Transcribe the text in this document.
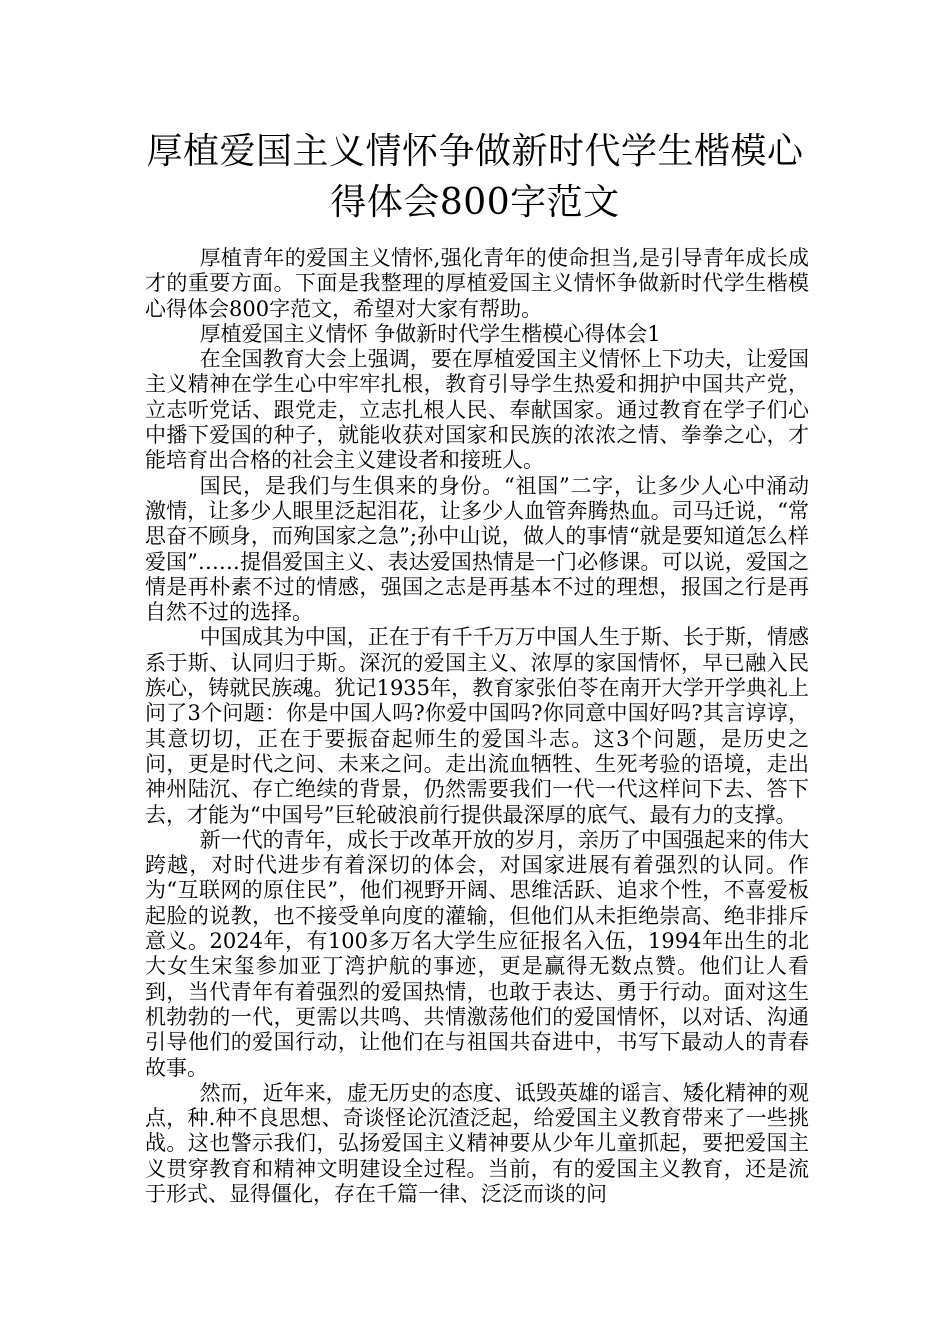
厚植爱国主义情怀争做新时代学生楷模心
得体会800字范文

厚植青年的爱国主义情怀,强化青年的使命担当,是引导青年成长成才的重要方面。下面是我整理的厚植爱国主义情怀争做新时代学生楷模心得体会800字范文，希望对大家有帮助。

厚植爱国主义情怀 争做新时代学生楷模心得体会1

在全国教育大会上强调，要在厚植爱国主义情怀上下功夫，让爱国主义精神在学生心中牢牢扎根，教育引导学生热爱和拥护中国共产党，立志听党话、跟党走，立志扎根人民、奉献国家。通过教育在学子们心中播下爱国的种子，就能收获对国家和民族的浓浓之情、拳拳之心，才能培育出合格的社会主义建设者和接班人。

国民，是我们与生俱来的身份。“祖国”二字，让多少人心中涌动激情，让多少人眼里泛起泪花，让多少人血管奔腾热血。司马迁说，“常思奋不顾身，而殉国家之急”;孙中山说，做人的事情“就是要知道怎么样爱国”……提倡爱国主义、表达爱国热情是一门必修课。可以说，爱国之情是再朴素不过的情感，强国之志是再基本不过的理想，报国之行是再自然不过的选择。

中国成其为中国，正在于有千千万万中国人生于斯、长于斯，情感系于斯、认同归于斯。深沉的爱国主义、浓厚的家国情怀，早已融入民族心，铸就民族魂。犹记1935年，教育家张伯苓在南开大学开学典礼上问了3个问题：你是中国人吗?你爱中国吗?你同意中国好吗?其言谆谆，其意切切，正在于要振奋起师生的爱国斗志。这3个问题，是历史之问，更是时代之问、未来之问。走出流血牺牲、生死考验的语境，走出神州陆沉、存亡绝续的背景，仍然需要我们一代一代这样问下去、答下去，才能为“中国号”巨轮破浪前行提供最深厚的底气、最有力的支撑。

新一代的青年，成长于改革开放的岁月，亲历了中国强起来的伟大跨越，对时代进步有着深切的体会，对国家进展有着强烈的认同。作为“互联网的原住民”，他们视野开阔、思维活跃、追求个性，不喜爱板起脸的说教，也不接受单向度的灌输，但他们从未拒绝崇高、绝非排斥意义。2024年，有100多万名大学生应征报名入伍，1994年出生的北大女生宋玺参加亚丁湾护航的事迹，更是赢得无数点赞。他们让人看到，当代青年有着强烈的爱国热情，也敢于表达、勇于行动。面对这生机勃勃的一代，更需以共鸣、共情激荡他们的爱国情怀，以对话、沟通引导他们的爱国行动，让他们在与祖国共奋进中，书写下最动人的青春故事。

然而，近年来，虚无历史的态度、诋毁英雄的谣言、矮化精神的观点，种.种不良思想、奇谈怪论沉渣泛起，给爱国主义教育带来了一些挑战。这也警示我们，弘扬爱国主义精神要从少年儿童抓起，要把爱国主义贯穿教育和精神文明建设全过程。当前，有的爱国主义教育，还是流于形式、显得僵化，存在千篇一律、泛泛而谈的问
